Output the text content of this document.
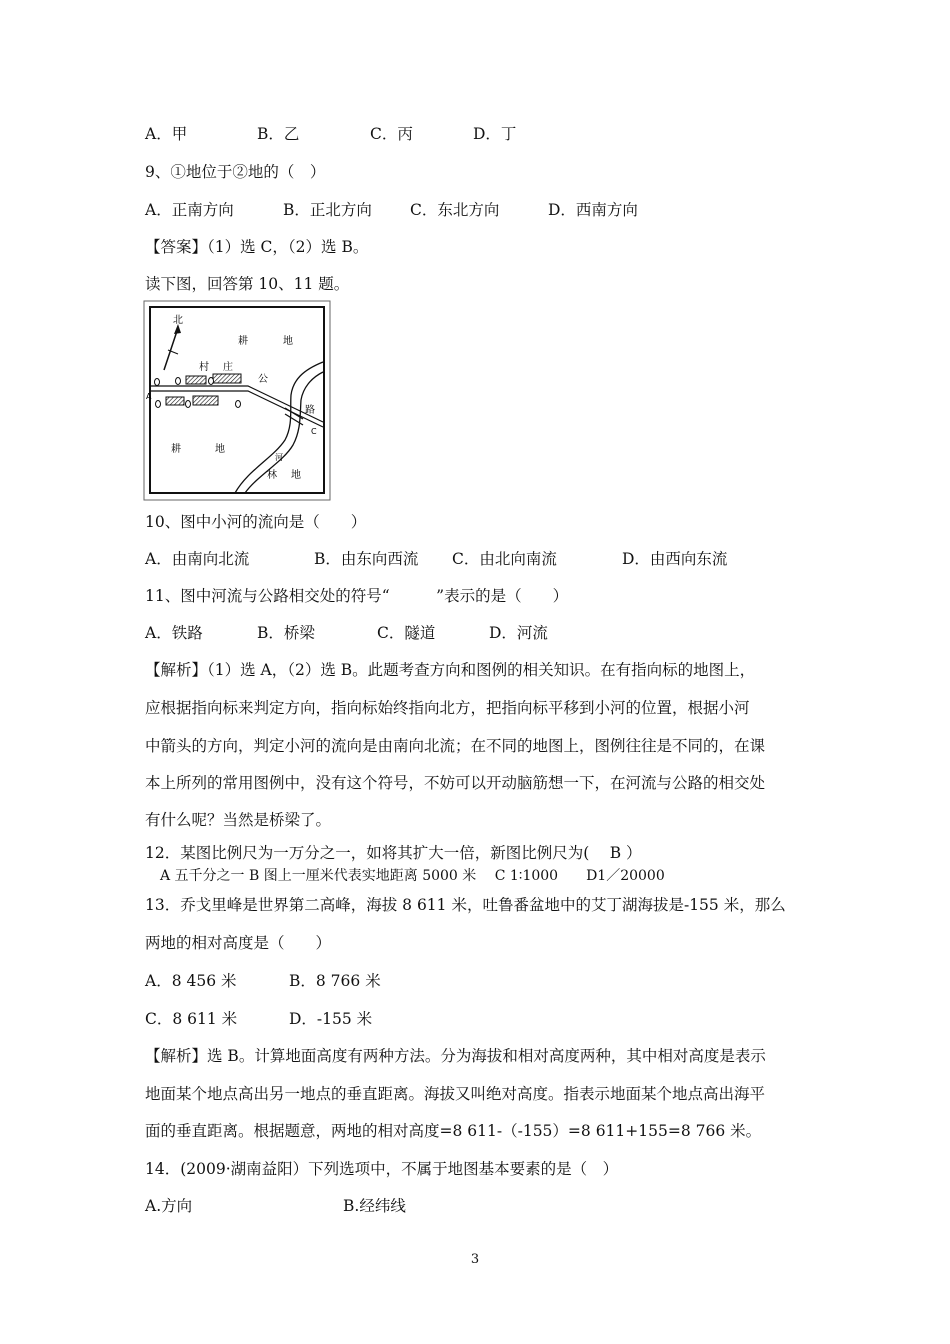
A．甲	B．乙	C．丙	D．丁
9、①地位于②地的（　）
A．正南方向	B．正北方向 C．东北方向	D．西南方向
【答案】（1）选 C，（2）选 B。
读下图，回答第 10、11 题。
北
耕	地
村 庄
公
路
A
C
耕	地
河
林 地
10、图中小河的流向是（　　）
A．由南向北流	B．由东向西流 C．由北向南流	D．由西向东流
11、图中河流与公路相交处的符号“　　　”表示的是（　　）
A．铁路	B．桥梁	C．隧道	D．河流
【解析】（1）选 A，（2）选 B。此题考查方向和图例的相关知识。在有指向标的地图上，
应根据指向标来判定方向，指向标始终指向北方，把指向标平移到小河的位置，根据小河
中箭头的方向，判定小河的流向是由南向北流；在不同的地图上，图例往往是不同的，在课
本上所列的常用图例中，没有这个符号，不妨可以开动脑筋想一下，在河流与公路的相交处
有什么呢？当然是桥梁了。
12．某图比例尺为一万分之一，如将其扩大一倍，新图比例尺为(　 B ）
A 五千分之一 B 图上一厘米代表实地距离 5000 米　 C 1∶1000　　D1／20000
13．乔戈里峰是世界第二高峰，海拔 8 611 米，吐鲁番盆地中的艾丁湖海拔是-155 米，那么
两地的相对高度是（　　）
A．8 456 米	B．8 766 米
C．8 611 米	D．-155 米
【解析】选 B。计算地面高度有两种方法。分为海拔和相对高度两种，其中相对高度是表示
地面某个地点高出另一地点的垂直距离。海拔又叫绝对高度。指表示地面某个地点高出海平
面的垂直距离。根据题意，两地的相对高度=8 611-（-155）=8 611+155=8 766 米。
14．(2009·湖南益阳）下列选项中，不属于地图基本要素的是（　）
A.方向	B.经纬线
3
